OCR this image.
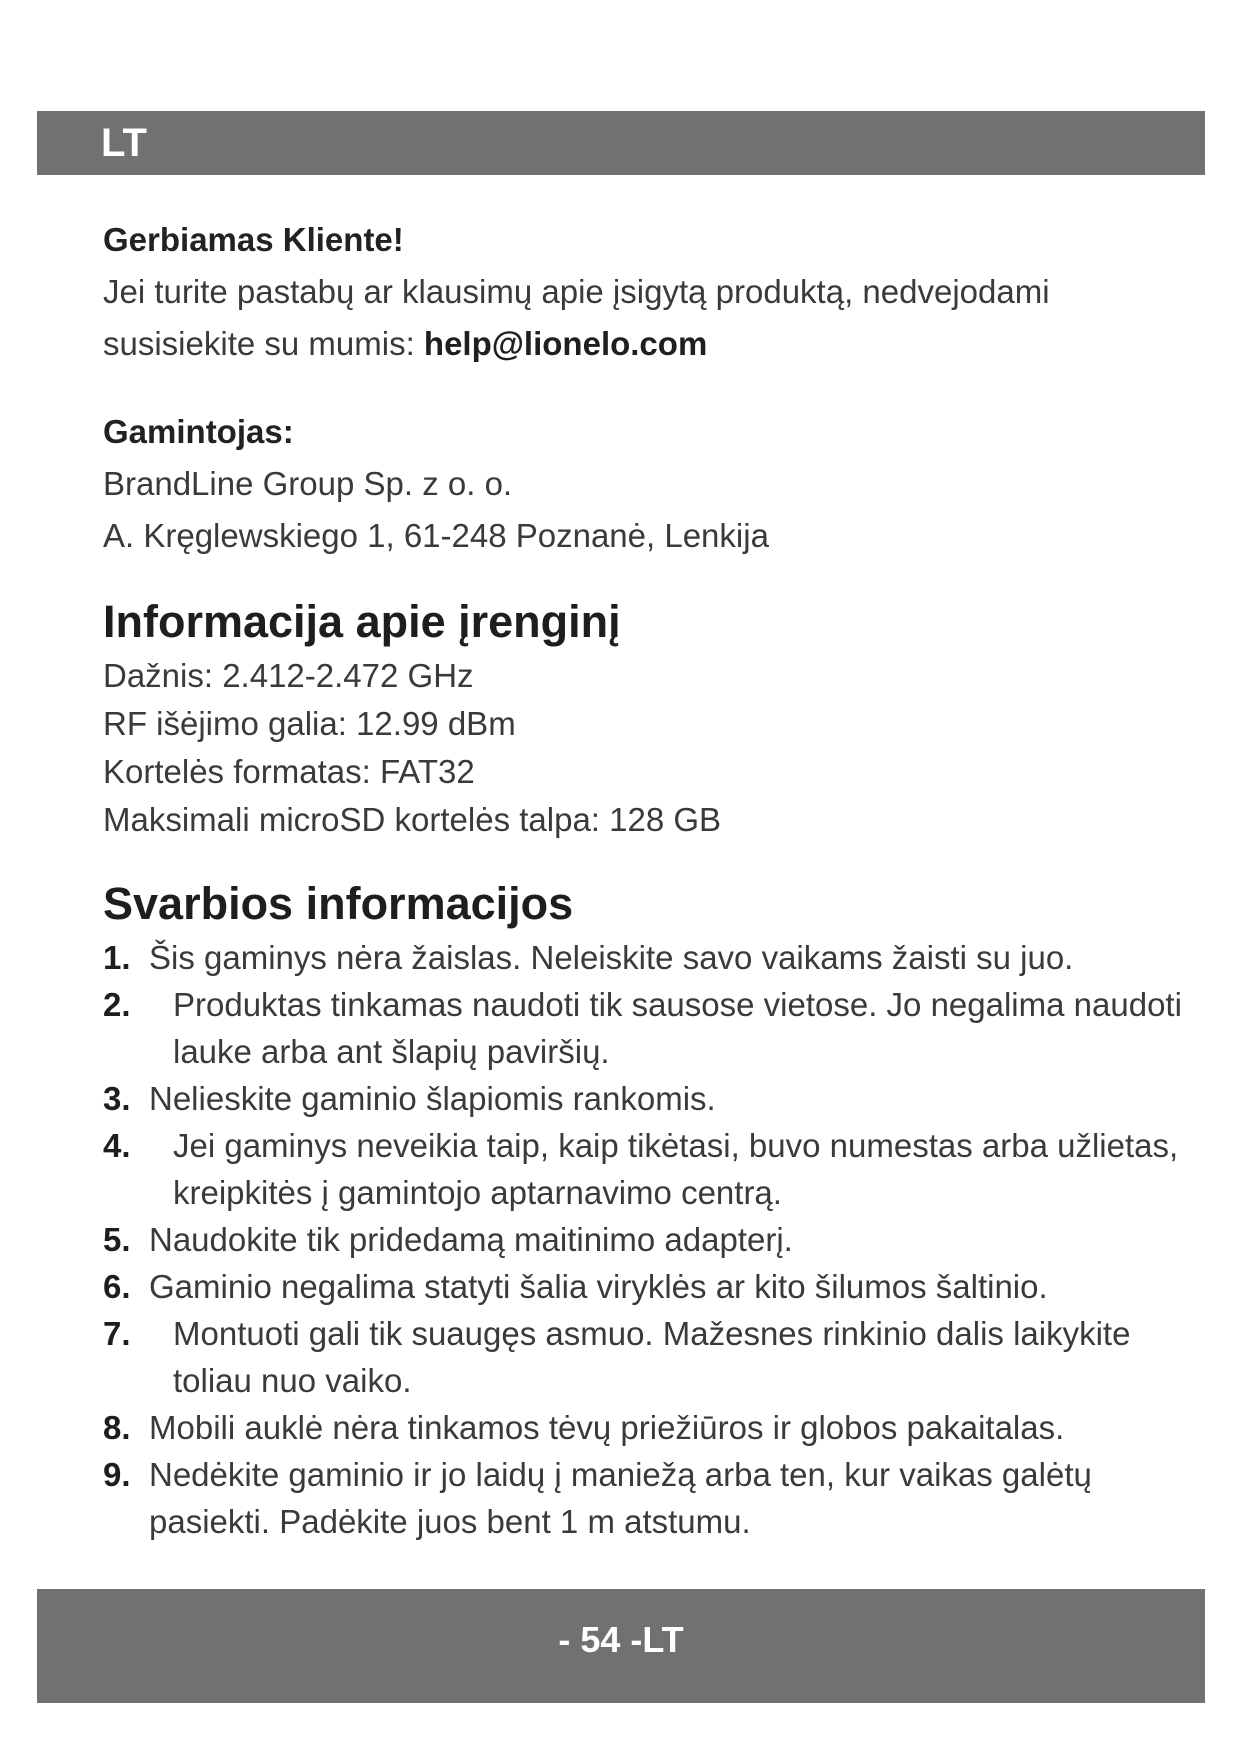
LT
Gerbiamas Kliente!
Jei turite pastabų ar klausimų apie įsigytą produktą, nedvejodami
susisiekite su mumis: help@lionelo.com
Gamintojas:
BrandLine Group Sp. z o. o.
A. Kręglewskiego 1, 61-248 Poznanė, Lenkija
Informacija apie įrenginį
Dažnis: 2.412-2.472 GHz
RF išėjimo galia: 12.99 dBm
Kortelės formatas: FAT32
Maksimali microSD kortelės talpa: 128 GB
Svarbios informacijos
1. Šis gaminys nėra žaislas. Neleiskite savo vaikams žaisti su juo.
2. Produktas tinkamas naudoti tik sausose vietose. Jo negalima naudoti lauke arba ant šlapių paviršių.
3. Nelieskite gaminio šlapiomis rankomis.
4. Jei gaminys neveikia taip, kaip tikėtasi, buvo numestas arba užlietas, kreipkitės į gamintojo aptarnavimo centrą.
5. Naudokite tik pridedamą maitinimo adapterį.
6. Gaminio negalima statyti šalia viryklės ar kito šilumos šaltinio.
7. Montuoti gali tik suaugęs asmuo. Mažesnes rinkinio dalis laikykite toliau nuo vaiko.
8. Mobili auklė nėra tinkamos tėvų priežiūros ir globos pakaitalas.
9. Nedėkite gaminio ir jo laidų į maniežą arba ten, kur vaikas galėtų pasiekti. Padėkite juos bent 1 m atstumu.
- 54 -LT
